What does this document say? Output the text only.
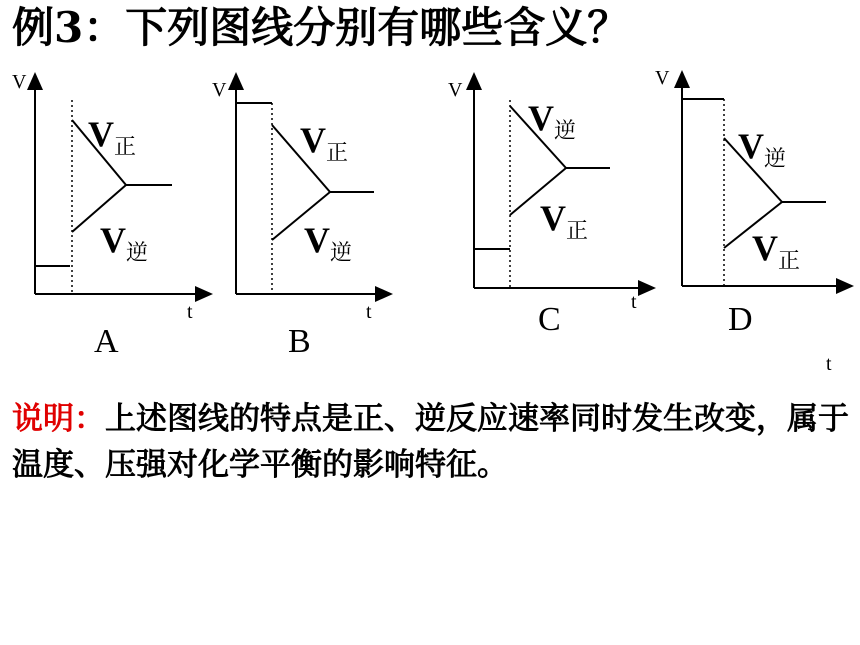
例3：下列图线分别有哪些含义？
V
t
V正
V逆
A
V
t
V正
V逆
B
V
t
V逆
V正
C
V
t
V逆
V正
D
说明：上述图线的特点是正、逆反应速率同时发生改变，属于温度、压强对化学平衡的影响特征。
